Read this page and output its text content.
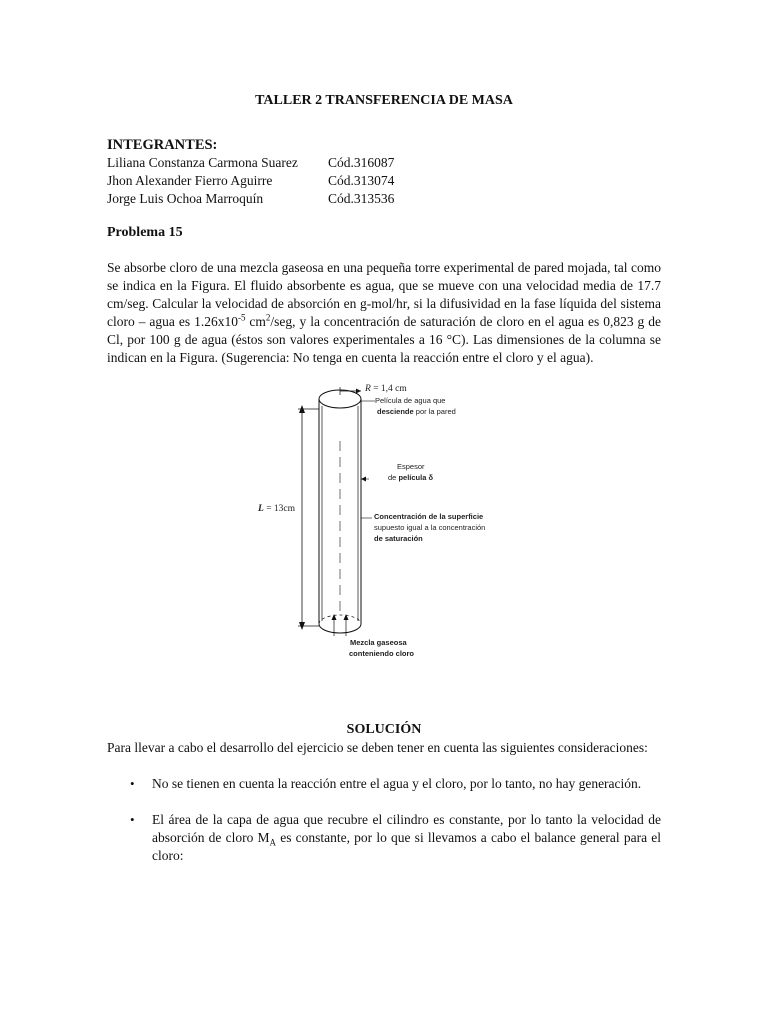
TALLER 2 TRANSFERENCIA DE MASA

INTEGRANTES:
Liliana Constanza Carmona Suarez	Cód.316087
Jhon Alexander Fierro Aguirre	Cód.313074
Jorge Luis Ochoa Marroquín	Cód.313536
Problema 15
Se absorbe cloro de una mezcla gaseosa en una pequeña torre experimental de pared mojada, tal como se indica en la Figura. El fluido absorbente es agua, que se mueve con una velocidad media de 17.7 cm/seg. Calcular la velocidad de absorción en g-mol/hr, si la difusividad en la fase líquida del sistema cloro – agua es $1.26x10^{-5}$ $cm^2$/seg, y la concentración de saturación de cloro en el agua es 0,823 g de Cl, por 100 g de agua (éstos son valores experimentales a 16 °C). Las dimensiones de la columna se indican en la Figura. (Sugerencia: No tenga en cuenta la reacción entre el cloro y el agua).
R = 1,4 cm
Película de agua que
desciende por la pared
Espesor
de película δ
L = 13cm
Concentración de la superficie
supuesto igual a la concentración
de saturación
Mezcla gaseosa
conteniendo cloro
SOLUCIÓN
Para llevar a cabo el desarrollo del ejercicio se deben tener en cuenta las siguientes consideraciones:
• No se tienen en cuenta la reacción entre el agua y el cloro, por lo tanto, no hay generación.
• El área de la capa de agua que recubre el cilindro es constante, por lo tanto la velocidad de absorción de cloro $M_A$ es constante, por lo que si llevamos a cabo el balance general para el cloro:
